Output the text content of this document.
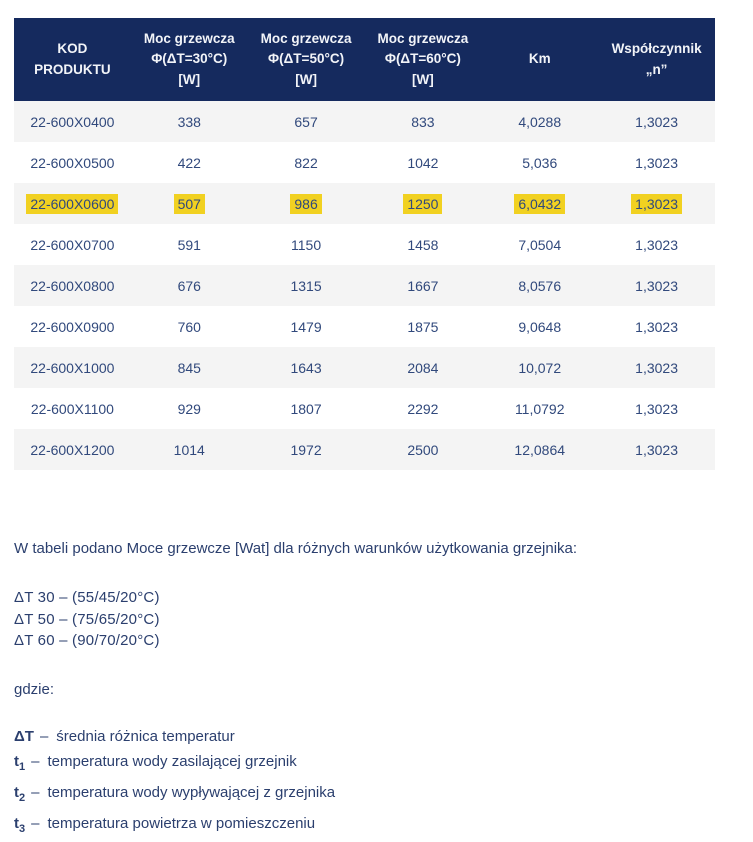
KOD
PRODUKTU	Moc grzewcza
Φ(ΔT=30°C)
[W]	Moc grzewcza
Φ(ΔT=50°C)
[W]	Moc grzewcza
Φ(ΔT=60°C)
[W]	Km	Współczynnik
„n”
22-600X0400	338	657	833	4,0288	1,3023
22-600X0500	422	822	1042	5,036	1,3023
22-600X0600	507	986	1250	6,0432	1,3023
22-600X0700	591	1150	1458	7,0504	1,3023
22-600X0800	676	1315	1667	8,0576	1,3023
22-600X0900	760	1479	1875	9,0648	1,3023
22-600X1000	845	1643	2084	10,072	1,3023
22-600X1100	929	1807	2292	11,0792	1,3023
22-600X1200	1014	1972	2500	12,0864	1,3023

W tabeli podano Moce grzewcze [Wat] dla różnych warunków użytkowania grzejnika:

ΔT 30 – (55/45/20°C)
ΔT 50 – (75/65/20°C)
ΔT 60 – (90/70/20°C)

gdzie:

ΔT – średnia różnica temperatur
$t_1$ – temperatura wody zasilającej grzejnik
$t_2$ – temperatura wody wypływającej z grzejnika
$t_3$ – temperatura powietrza w pomieszczeniu
